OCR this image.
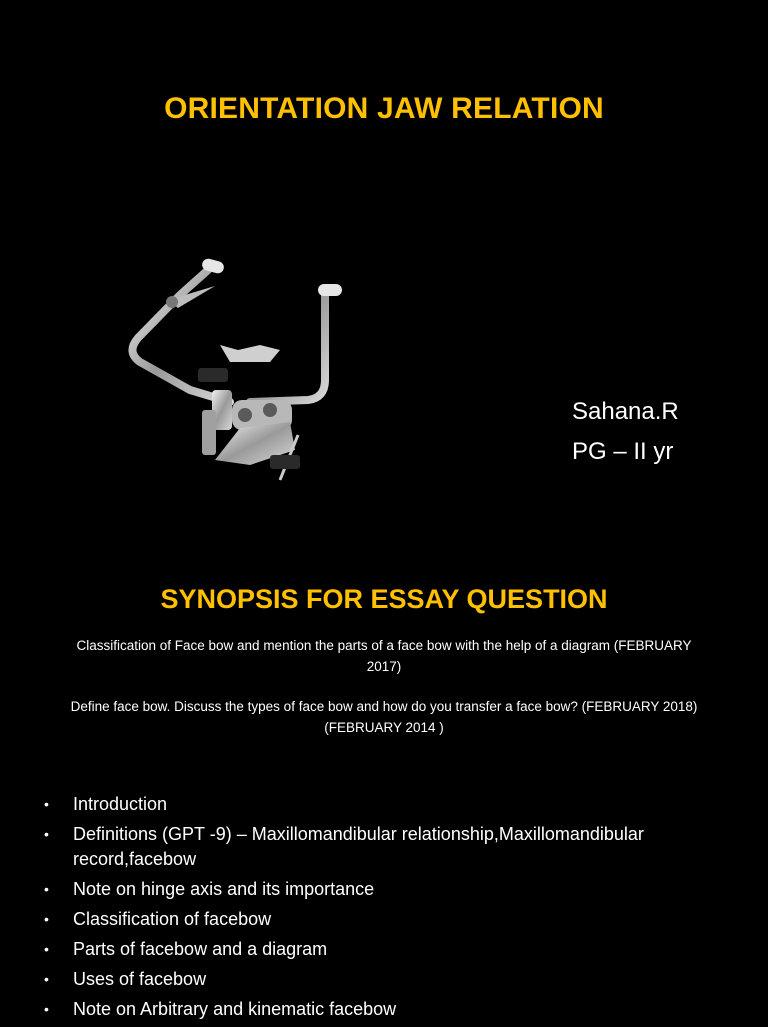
ORIENTATION JAW RELATION
Sahana.R
PG – II yr
SYNOPSIS FOR ESSAY QUESTION
Classification of Face bow and mention the parts of a face bow with the help of a diagram (FEBRUARY 2017)
Define face bow. Discuss the types of face bow and how do you transfer a face bow? (FEBRUARY 2018)(FEBRUARY 2014 )
• Introduction
• Definitions (GPT -9) – Maxillomandibular relationship,Maxillomandibular record,facebow
• Note on hinge axis and its importance
• Classification of facebow
• Parts of facebow and a diagram
• Uses of facebow
• Note on Arbitrary and kinematic facebow
